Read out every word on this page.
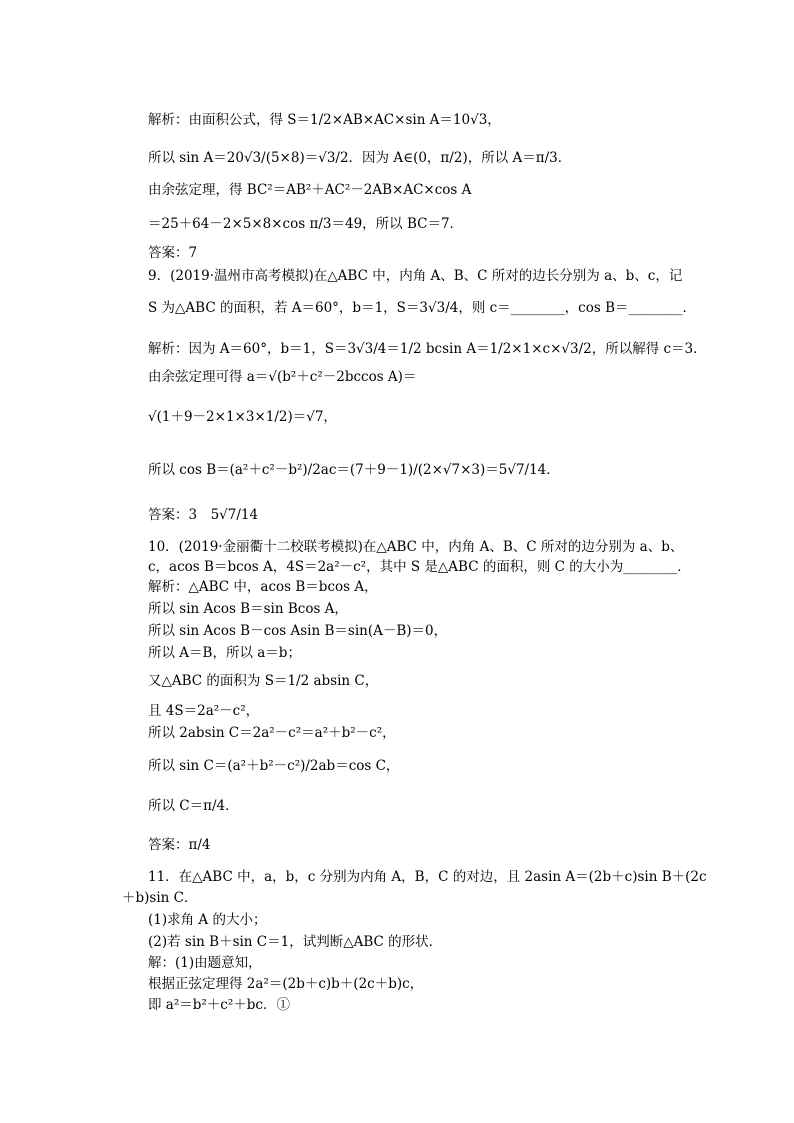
解析：由面积公式，得 S＝1/2×AB×AC×sin A＝10√3，
所以 sin A＝20√3/(5×8)＝√3/2．因为 A∈(0，π/2)，所以 A＝π/3．
由余弦定理，得 BC²＝AB²＋AC²－2AB×AC×cos A
＝25＋64－2×5×8×cos π/3＝49，所以 BC＝7．
答案：7
9．(2019·温州市高考模拟)在△ABC 中，内角 A、B、C 所对的边长分别为 a、b、c，记
S 为△ABC 的面积，若 A＝60°，b＝1，S＝3√3/4，则 c＝________，cos B＝________．
解析：因为 A＝60°，b＝1，S＝3√3/4＝1/2 bcsin A＝1/2×1×c×√3/2，所以解得 c＝3．
由余弦定理可得 a＝√(b²＋c²－2bccos A)＝
√(1＋9－2×1×3×1/2)＝√7，
所以 cos B＝(a²＋c²－b²)/2ac＝(7＋9－1)/(2×√7×3)＝5√7/14．
答案：3　5√7/14
10．(2019·金丽衢十二校联考模拟)在△ABC 中，内角 A、B、C 所对的边分别为 a、b、
c，acos B＝bcos A，4S＝2a²－c²，其中 S 是△ABC 的面积，则 C 的大小为________．
解析：△ABC 中，acos B＝bcos A，
所以 sin Acos B＝sin Bcos A，
所以 sin Acos B－cos Asin B＝sin(A－B)＝0，
所以 A＝B，所以 a＝b；
又△ABC 的面积为 S＝1/2 absin C，
且 4S＝2a²－c²，
所以 2absin C＝2a²－c²＝a²＋b²－c²，
所以 sin C＝(a²＋b²－c²)/2ab＝cos C，
所以 C＝π/4．
答案：π/4
11．在△ABC 中，a，b，c 分别为内角 A，B，C 的对边，且 2asin A＝(2b＋c)sin B＋(2c
＋b)sin C．
(1)求角 A 的大小；
(2)若 sin B＋sin C＝1，试判断△ABC 的形状．
解：(1)由题意知，
根据正弦定理得 2a²＝(2b＋c)b＋(2c＋b)c，
即 a²＝b²＋c²＋bc．①
